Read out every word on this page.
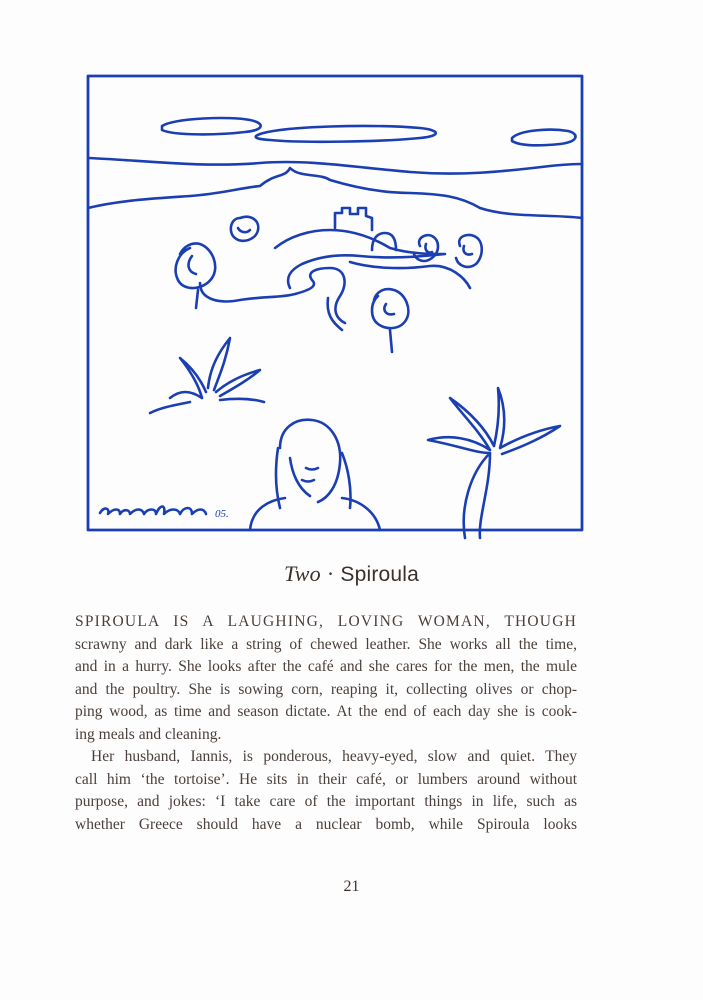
05.
Two · Spiroula
SPIROULA IS A LAUGHING, LOVING WOMAN, THOUGH
scrawny and dark like a string of chewed leather. She works all the time,
and in a hurry. She looks after the café and she cares for the men, the mule
and the poultry. She is sowing corn, reaping it, collecting olives or chop-
ping wood, as time and season dictate. At the end of each day she is cook-
ing meals and cleaning.
Her husband, Iannis, is ponderous, heavy-eyed, slow and quiet. They
call him ‘the tortoise’. He sits in their café, or lumbers around without
purpose, and jokes: ‘I take care of the important things in life, such as
whether Greece should have a nuclear bomb, while Spiroula looks
21
